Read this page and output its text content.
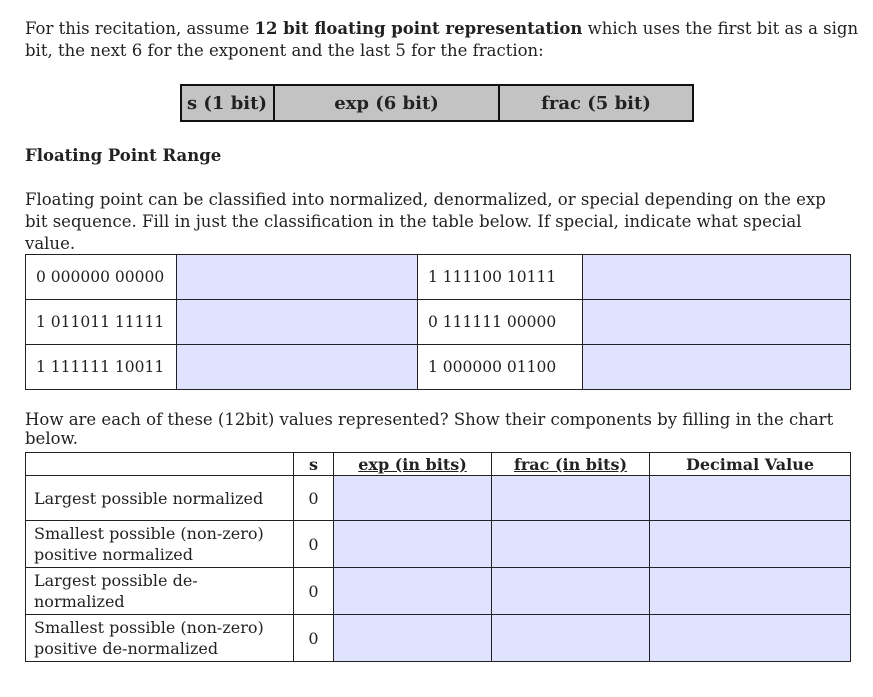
For this recitation, assume 12 bit floating point representation which uses the first bit as a sign bit, the next 6 for the exponent and the last 5 for the fraction:
s (1 bit)	exp (6 bit)	frac (5 bit)
Floating Point Range
Floating point can be classified into normalized, denormalized, or special depending on the exp bit sequence. Fill in just the classification in the table below. If special, indicate what special value.
0 000000 00000		1 111100 10111	
1 011011 11111		0 111111 00000	
1 111111 10011		1 000000 01100	
How are each of these (12bit) values represented? Show their components by filling in the chart below.
	s	exp (in bits)	frac (in bits)	Decimal Value
Largest possible normalized	0			
Smallest possible (non-zero) positive normalized	0			
Largest possible de-normalized	0			
Smallest possible (non-zero) positive de-normalized	0			
